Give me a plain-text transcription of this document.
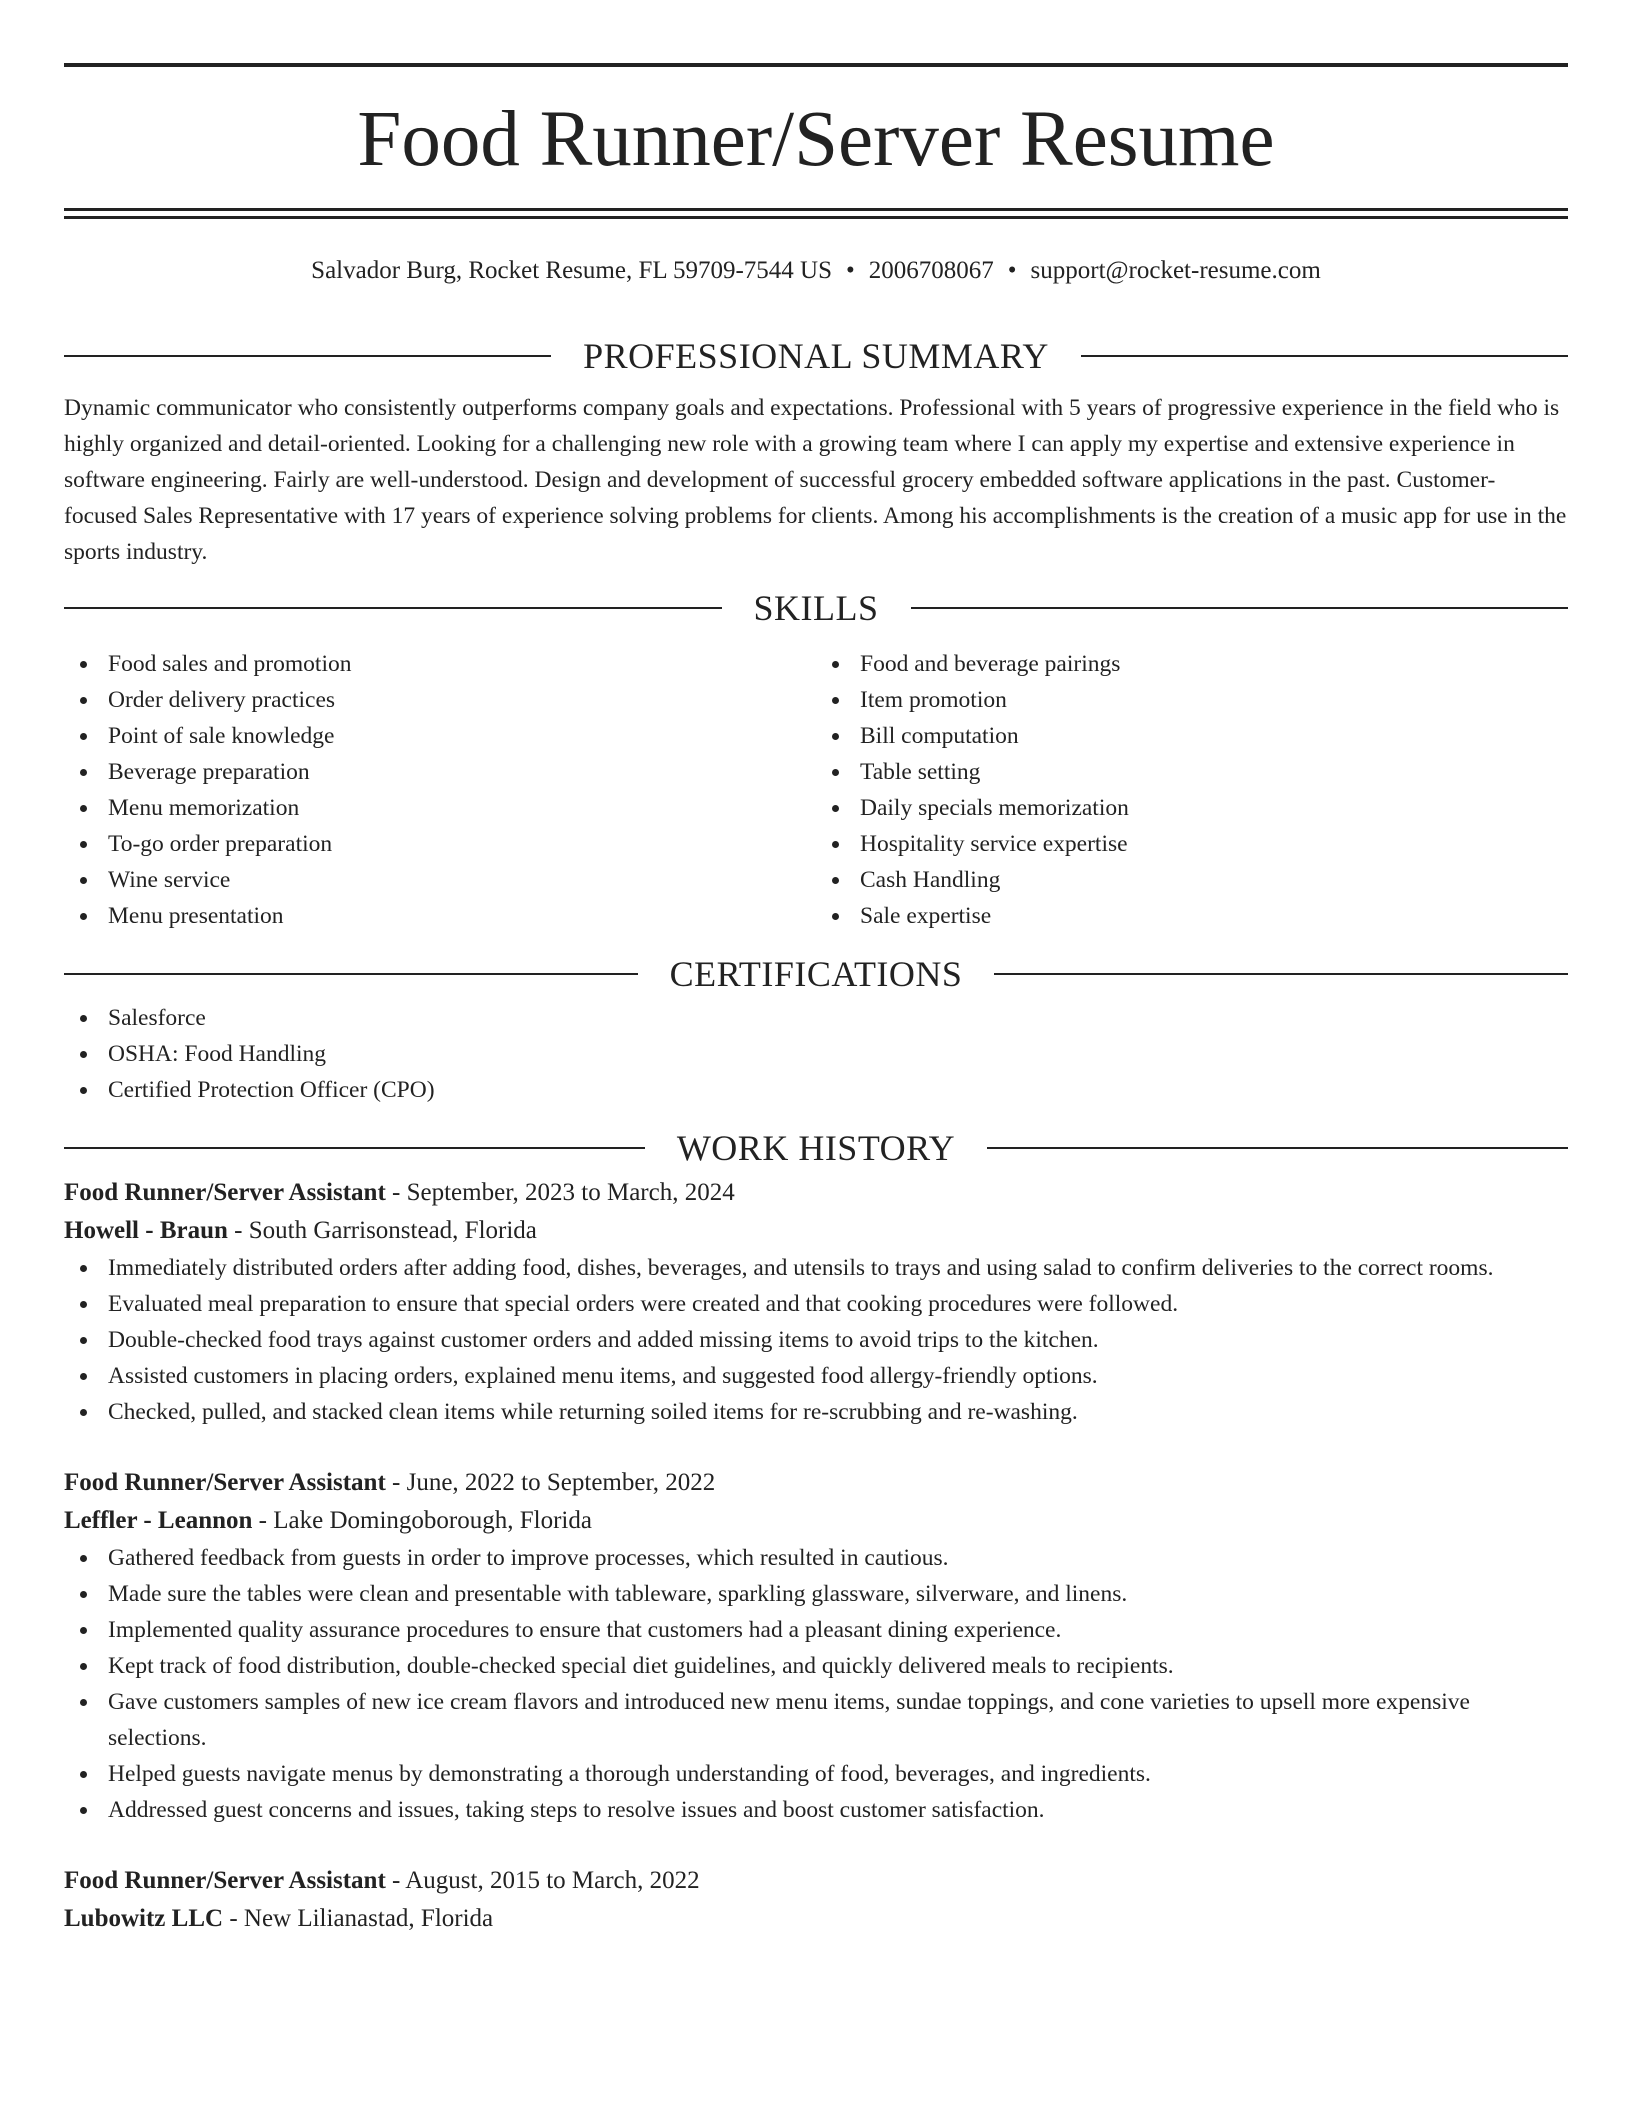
Food Runner/Server Resume
Salvador Burg, Rocket Resume, FL 59709-7544 US • 2006708067 • support@rocket-resume.com
PROFESSIONAL SUMMARY

Dynamic communicator who consistently outperforms company goals and expectations. Professional with 5 years of progressive experience in the field who is highly organized and detail-oriented. Looking for a challenging new role with a growing team where I can apply my expertise and extensive experience in software engineering. Fairly are well-understood. Design and development of successful grocery embedded software applications in the past. Customer-focused Sales Representative with 17 years of experience solving problems for clients. Among his accomplishments is the creation of a music app for use in the sports industry.

SKILLS
Food sales and promotion
Order delivery practices
Point of sale knowledge
Beverage preparation
Menu memorization
To-go order preparation
Wine service
Menu presentation
Food and beverage pairings
Item promotion
Bill computation
Table setting
Daily specials memorization
Hospitality service expertise
Cash Handling
Sale expertise
CERTIFICATIONS
Salesforce
OSHA: Food Handling
Certified Protection Officer (CPO)
WORK HISTORY
Food Runner/Server Assistant - September, 2023 to March, 2024
Howell - Braun - South Garrisonstead, Florida
Immediately distributed orders after adding food, dishes, beverages, and utensils to trays and using salad to confirm deliveries to the correct rooms.
Evaluated meal preparation to ensure that special orders were created and that cooking procedures were followed.
Double-checked food trays against customer orders and added missing items to avoid trips to the kitchen.
Assisted customers in placing orders, explained menu items, and suggested food allergy-friendly options.
Checked, pulled, and stacked clean items while returning soiled items for re-scrubbing and re-washing.
Food Runner/Server Assistant - June, 2022 to September, 2022
Leffler - Leannon - Lake Domingoborough, Florida
Gathered feedback from guests in order to improve processes, which resulted in cautious.
Made sure the tables were clean and presentable with tableware, sparkling glassware, silverware, and linens.
Implemented quality assurance procedures to ensure that customers had a pleasant dining experience.
Kept track of food distribution, double-checked special diet guidelines, and quickly delivered meals to recipients.
Gave customers samples of new ice cream flavors and introduced new menu items, sundae toppings, and cone varieties to upsell more expensive selections.
Helped guests navigate menus by demonstrating a thorough understanding of food, beverages, and ingredients.
Addressed guest concerns and issues, taking steps to resolve issues and boost customer satisfaction.
Food Runner/Server Assistant - August, 2015 to March, 2022
Lubowitz LLC - New Lilianastad, Florida
